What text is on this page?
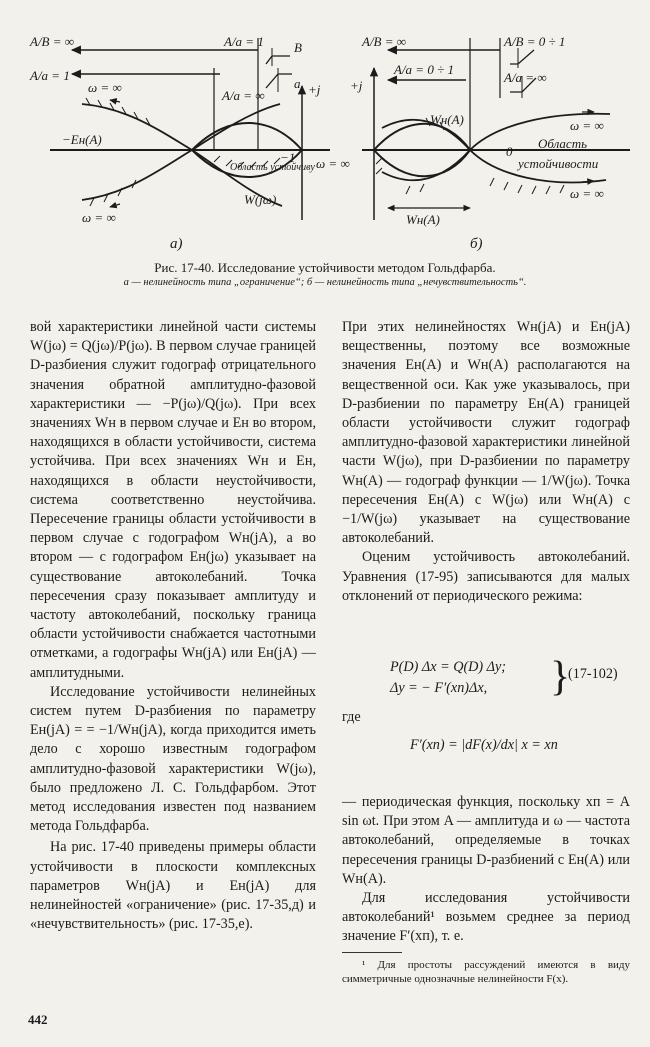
A/B = ∞
A/a = 1
A/a = 1
A/a = ∞
B
a +j
ω = ∞
ω = ∞
ω = ∞
−Eн(A)
−1
Область устойчиву
W(jω)
A/B = ∞	A/B = 0 ÷ 1
A/a = 0 ÷ 1
A/a = ∞
+j
ω = ∞
ω = ∞
Wн(A)
Wн(A)
0
Область
устойчивости
а)	б)
Рис. 17-40. Исследование устойчивости методом Гольдфарба.
а — нелинейность типа „ограничение“; б — нелинейность типа „нечувствительность“.

вой характеристики линейной части системы W(jω) = Q(jω)/P(jω). В первом случае границей D-разбиения служит годограф отрицательного значения обратной амплитудно-фазовой характеристики — −P(jω)/Q(jω). При всех значениях Wн в первом случае и Eн во втором, находящихся в области устойчивости, система устойчива. При всех значениях Wн и Eн, находящихся в области неустойчивости, система соответственно неустойчива. Пересечение границы области устойчивости в первом случае с годографом Wн(jA), а во втором — с годографом Eн(jω) указывает на существование автоколебаний. Точка пересечения сразу показывает амплитуду и частоту автоколебаний, поскольку граница области устойчивости снабжается частотными отметками, а годографы Wн(jA) или Eн(jA) — амплитудными.

Исследование устойчивости нелинейных систем путем D-разбиения по параметру Eн(jA) = = −1/Wн(jA), когда приходится иметь дело с хорошо известным годографом амплитудно-фазовой характеристики W(jω), было предложено Л. С. Гольдфарбом. Этот метод исследования известен под названием метода Гольдфарба.

На рис. 17-40 приведены примеры области устойчивости в плоскости комплексных параметров Wн(jA) и Eн(jA) для нелинейностей «ограничение» (рис. 17-35,д) и «нечувствительность» (рис. 17-35,е).

При этих нелинейностях Wн(jA) и Eн(jA) вещественны, поэтому все возможные значения Eн(A) и Wн(A) располагаются на вещественной оси. Как уже указывалось, при D-разбиении по параметру Eн(A) границей области устойчивости служит годограф амплитудно-фазовой характеристики линейной части W(jω), при D-разбиении по параметру Wн(A) — годограф функции — 1/W(jω). Точка пересечения Eн(A) с W(jω) или Wн(A) с −1/W(jω) указывает на существование автоколебаний.

Оценим устойчивость автоколебаний. Уравнения (17-95) записываются для малых отклонений от периодического режима:

P(D) Δx = Q(D) Δy;
Δy = − F′(xп)Δx,	}
(17-102)
где
F′(xп) = |dF(x)/dx| x = xп

— периодическая функция, поскольку xп = A sin ωt. При этом A — амплитуда и ω — частота автоколебаний, определяемые в точках пересечения границы D-разбиений с Eн(A) или Wн(A).

Для исследования устойчивости автоколебаний¹ возьмем среднее за период значение F′(xп), т. е.

¹ Для простоты рассуждений имеются в виду симметричные однозначные нелинейности F(x).
442
